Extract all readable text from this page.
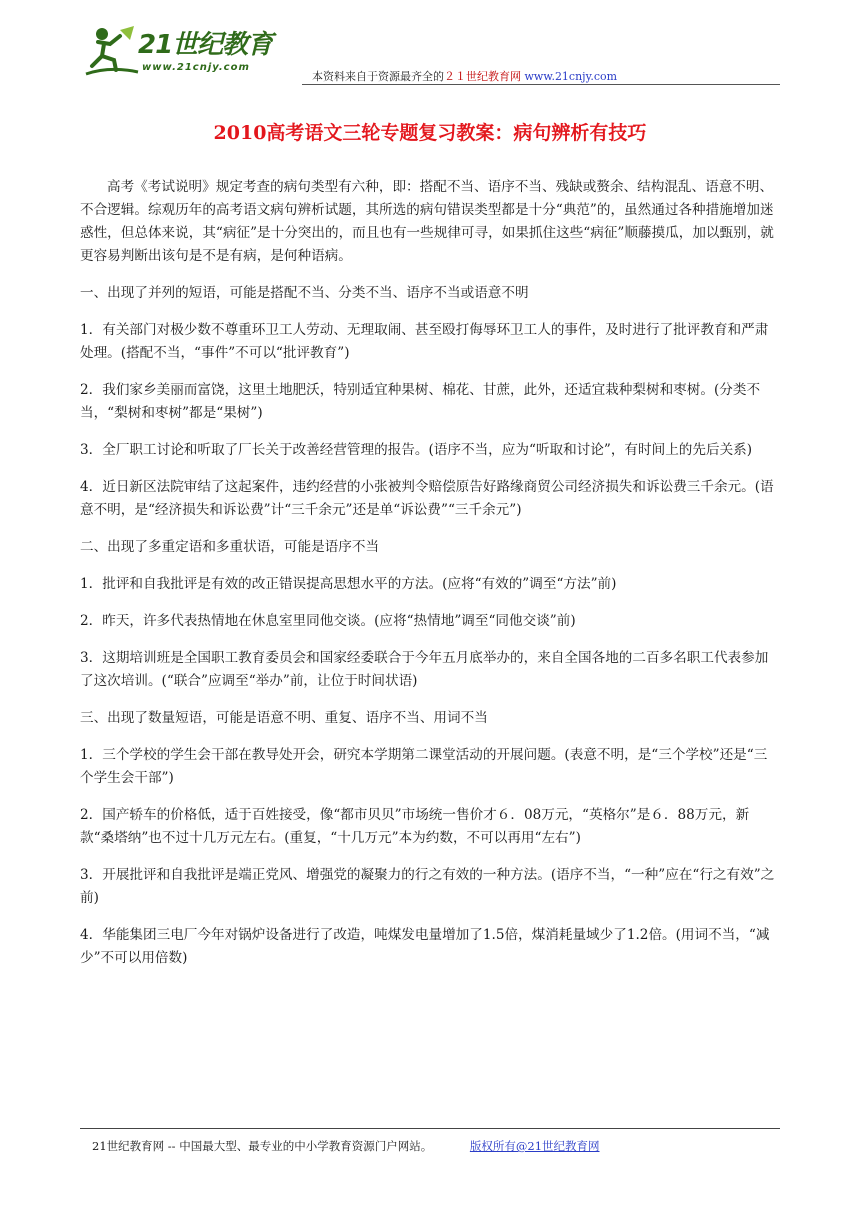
21世纪教育
www.21cnjy.com
本资料来自于资源最齐全的２１世纪教育网 www.21cnjy.com
2010高考语文三轮专题复习教案：病句辨析有技巧

高考《考试说明》规定考查的病句类型有六种，即：搭配不当、语序不当、残缺或赘余、结构混乱、语意不明、不合逻辑。综观历年的高考语文病句辨析试题，其所选的病句错误类型都是十分“典范”的，虽然通过各种措施增加迷惑性，但总体来说，其“病征”是十分突出的，而且也有一些规律可寻，如果抓住这些“病征”顺藤摸瓜，加以甄别，就更容易判断出该句是不是有病，是何种语病。

一、出现了并列的短语，可能是搭配不当、分类不当、语序不当或语意不明

1．有关部门对极少数不尊重环卫工人劳动、无理取闹、甚至殴打侮辱环卫工人的事件，及时进行了批评教育和严肃处理。(搭配不当，“事件”不可以“批评教育”)

2．我们家乡美丽而富饶，这里土地肥沃，特别适宜种果树、棉花、甘蔗，此外，还适宜栽种梨树和枣树。(分类不当，“梨树和枣树”都是“果树”)

3．全厂职工讨论和听取了厂长关于改善经营管理的报告。(语序不当，应为“听取和讨论”，有时间上的先后关系)

4．近日新区法院审结了这起案件，违约经营的小张被判令赔偿原告好路缘商贸公司经济损失和诉讼费三千余元。(语意不明，是“经济损失和诉讼费”计“三千余元”还是单“诉讼费”“三千余元”)

二、出现了多重定语和多重状语，可能是语序不当

1．批评和自我批评是有效的改正错误提高思想水平的方法。(应将“有效的”调至“方法”前)

2．昨天，许多代表热情地在休息室里同他交谈。(应将“热情地”调至“同他交谈”前)

3．这期培训班是全国职工教育委员会和国家经委联合于今年五月底举办的，来自全国各地的二百多名职工代表参加了这次培训。(“联合”应调至“举办”前，让位于时间状语)

三、出现了数量短语，可能是语意不明、重复、语序不当、用词不当

1．三个学校的学生会干部在教导处开会，研究本学期第二课堂活动的开展问题。(表意不明，是“三个学校”还是“三个学生会干部”)

2．国产轿车的价格低，适于百姓接受，像“都市贝贝”市场统一售价才６．08万元，“英格尔”是６．88万元，新款“桑塔纳”也不过十几万元左右。(重复，“十几万元”本为约数，不可以再用“左右”)

3．开展批评和自我批评是端正党风、增强党的凝聚力的行之有效的一种方法。(语序不当，“一种”应在“行之有效”之前)

4．华能集团三电厂今年对锅炉设备进行了改造，吨煤发电量增加了1.5倍，煤消耗量域少了1.2倍。(用词不当，“减少”不可以用倍数)

21世纪教育网 -- 中国最大型、最专业的中小学教育资源门户网站。	版权所有@21世纪教育网
